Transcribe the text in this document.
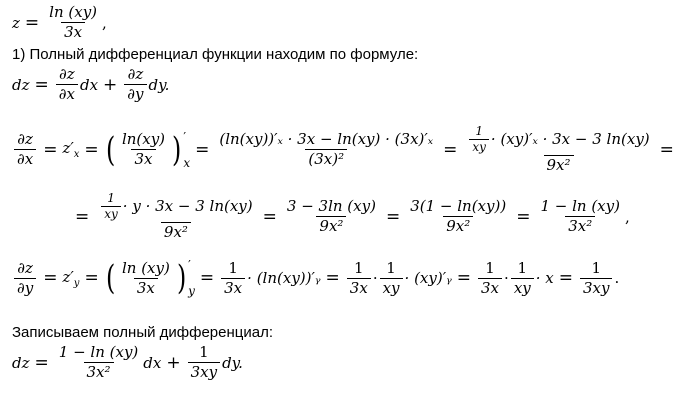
$z = \frac{\ln (xy)}{3x}$ ,
1) Полный дифференциал функции находим по формуле:
dz = $\frac{\partial z}{\partial x}$ dx + $\frac{\partial z}{\partial y}$ dy.
$\frac{\partial z}{\partial x} = z'_x$ = ( $\frac{\ln(xy)}{3x}$ ) ′
x
= $\frac{\text{(ln(xy))′ₓ · 3x − ln(xy) · (3x)′ₓ}}{\text{(3x)²}} = \frac{\frac{1}{xy} \cdot (xy)'_x \cdot 3x - 3 \ln(xy)}{\text{9x²}}$ =
= $\frac{\frac{1}{xy} \cdot y \cdot 3x - 3 \ln(xy)}{\text{9x²}} = \frac{3 - 3\ln (xy)}{\text{9x²}} = \frac{3(1 - \ln(xy))}{\text{9x²}} = \frac{1 - \ln (xy)}{\text{3x²}}$ ,
$\frac{\partial z}{\partial y} = z'_y$ = ( $\frac{\ln (xy)}{3x}$ ) ′
y
= $\frac{1}{3x}$ · (ln(xy))′ᵧ = $\frac{1}{3x} \cdot \frac{1}{xy}$ · (xy)′ᵧ = $\frac{1}{3x} \cdot \frac{1}{xy} \cdot x = \frac{1}{3xy}$ .
Записываем полный дифференциал:
dz = $\frac{1 - \ln (xy)}{\text{3x²}}$ dx + $\frac{1}{3xy}$ dy.
